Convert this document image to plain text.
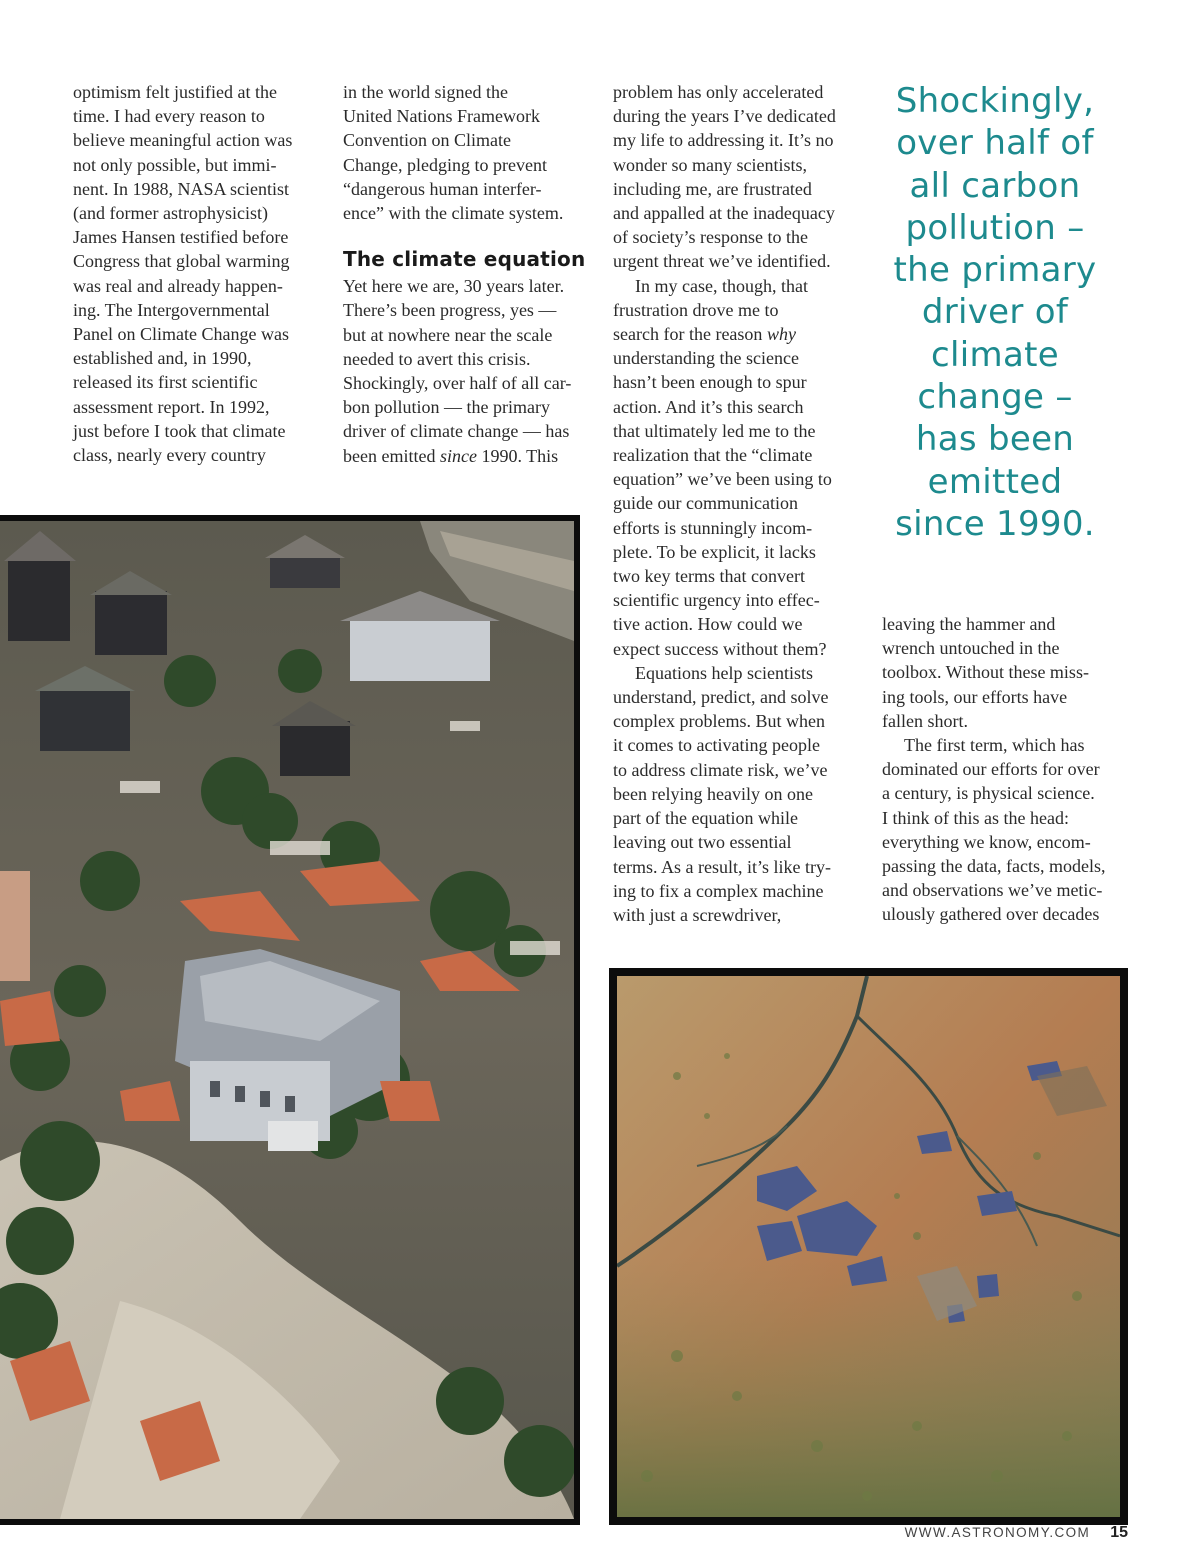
optimism felt justified at the
time. I had every reason to
believe meaningful action was
not only possible, but immi-
nent. In 1988, NASA scientist
(and former astrophysicist)
James Hansen testified before
Congress that global warming
was real and already happen-
ing. The Intergovernmental
Panel on Climate Change was
established and, in 1990,
released its first scientific
assessment report. In 1992,
just before I took that climate
class, nearly every country

in the world signed the
United Nations Framework
Convention on Climate
Change, pledging to prevent
“dangerous human interfer-
ence” with the climate system.

The climate equation

Yet here we are, 30 years later.
There’s been progress, yes —
but at nowhere near the scale
needed to avert this crisis.
Shockingly, over half of all car-
bon pollution — the primary
driver of climate change — has
been emitted since 1990. This

problem has only accelerated
during the years I’ve dedicated
my life to addressing it. It’s no
wonder so many scientists,
including me, are frustrated
and appalled at the inadequacy
of society’s response to the
urgent threat we’ve identified.

In my case, though, that
frustration drove me to
search for the reason why
understanding the science
hasn’t been enough to spur
action. And it’s this search
that ultimately led me to the
realization that the “climate
equation” we’ve been using to
guide our communication
efforts is stunningly incom-
plete. To be explicit, it lacks
two key terms that convert
scientific urgency into effec-
tive action. How could we
expect success without them?

Equations help scientists
understand, predict, and solve
complex problems. But when
it comes to activating people
to address climate risk, we’ve
been relying heavily on one
part of the equation while
leaving out two essential
terms. As a result, it’s like try-
ing to fix a complex machine
with just a screwdriver,

Shockingly,
over half of
all carbon
pollution –
the primary
driver of
climate
change –
has been
emitted
since 1990.

leaving the hammer and
wrench untouched in the
toolbox. Without these miss-
ing tools, our efforts have
fallen short.

The first term, which has
dominated our efforts for over
a century, is physical science.
I think of this as the head:
everything we know, encom-
passing the data, facts, models,
and observations we’ve metic-
ulously gathered over decades

WWW.ASTRONOMY.COM 15
